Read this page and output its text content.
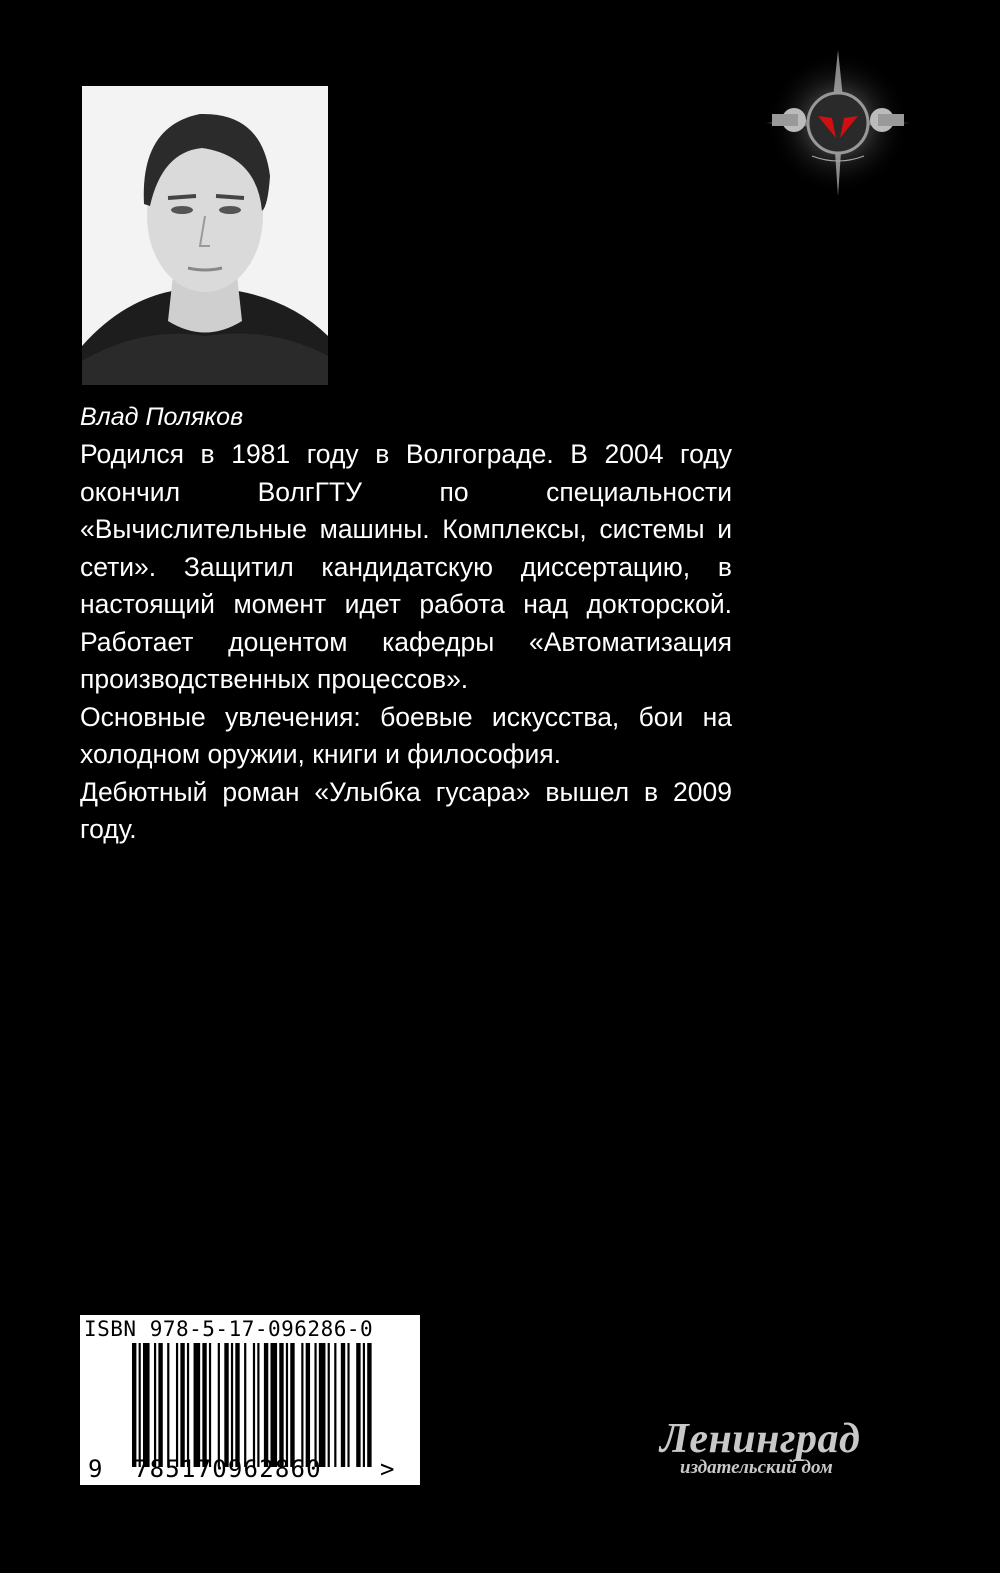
Влад Поляков

Родился в 1981 году в Волгограде. В 2004 году окончил ВолгГТУ по специальности «Вычислительные машины. Комплексы, системы и сети». Защитил кандидатскую диссертацию, в настоящий момент идет работа над докторской. Работает доцентом кафедры «Автоматизация производственных процессов».

Основные увлечения: боевые искусства, бои на холодном оружии, книги и философия.

Дебютный роман «Улыбка гусара» вышел в 2009 году.

ISBN 978-5-17-096286-0
9 785170962860 >
Ленинград
издательский дом
